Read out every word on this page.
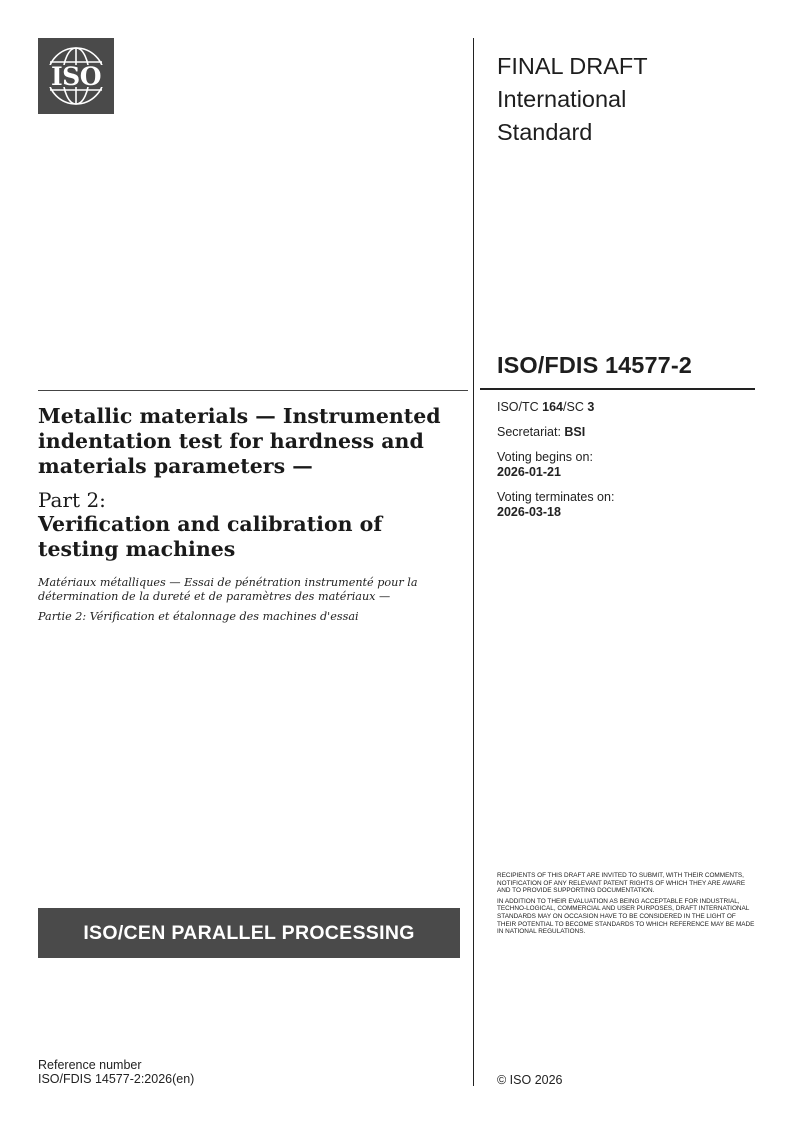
ISO	FINAL DRAFT
International
Standard
ISO/FDIS 14577-2
ISO/TC 164/SC 3
Secretariat: BSI
Voting begins on:
2026-01-21
Voting terminates on:
2026-03-18
Metallic materials — Instrumented indentation test for hardness and materials parameters —
Part 2:
Verification and calibration of testing machines
Matériaux métalliques — Essai de pénétration instrumenté pour la détermination de la dureté et de paramètres des matériaux —
Partie 2: Vérification et étalonnage des machines d'essai
ISO/CEN PARALLEL PROCESSING

RECIPIENTS OF THIS DRAFT ARE INVITED TO SUBMIT, WITH THEIR COMMENTS, NOTIFICATION OF ANY RELEVANT PATENT RIGHTS OF WHICH THEY ARE AWARE AND TO PROVIDE SUPPORTING DOCUMENTATION.

IN ADDITION TO THEIR EVALUATION AS BEING ACCEPTABLE FOR INDUSTRIAL, TECHNO-LOGICAL, COMMERCIAL AND USER PURPOSES, DRAFT INTERNATIONAL STANDARDS MAY ON OCCASION HAVE TO BE CONSIDERED IN THE LIGHT OF THEIR POTENTIAL TO BECOME STANDARDS TO WHICH REFERENCE MAY BE MADE IN NATIONAL REGULATIONS.

Reference number
ISO/FDIS 14577-2:2026(en)	© ISO 2026
